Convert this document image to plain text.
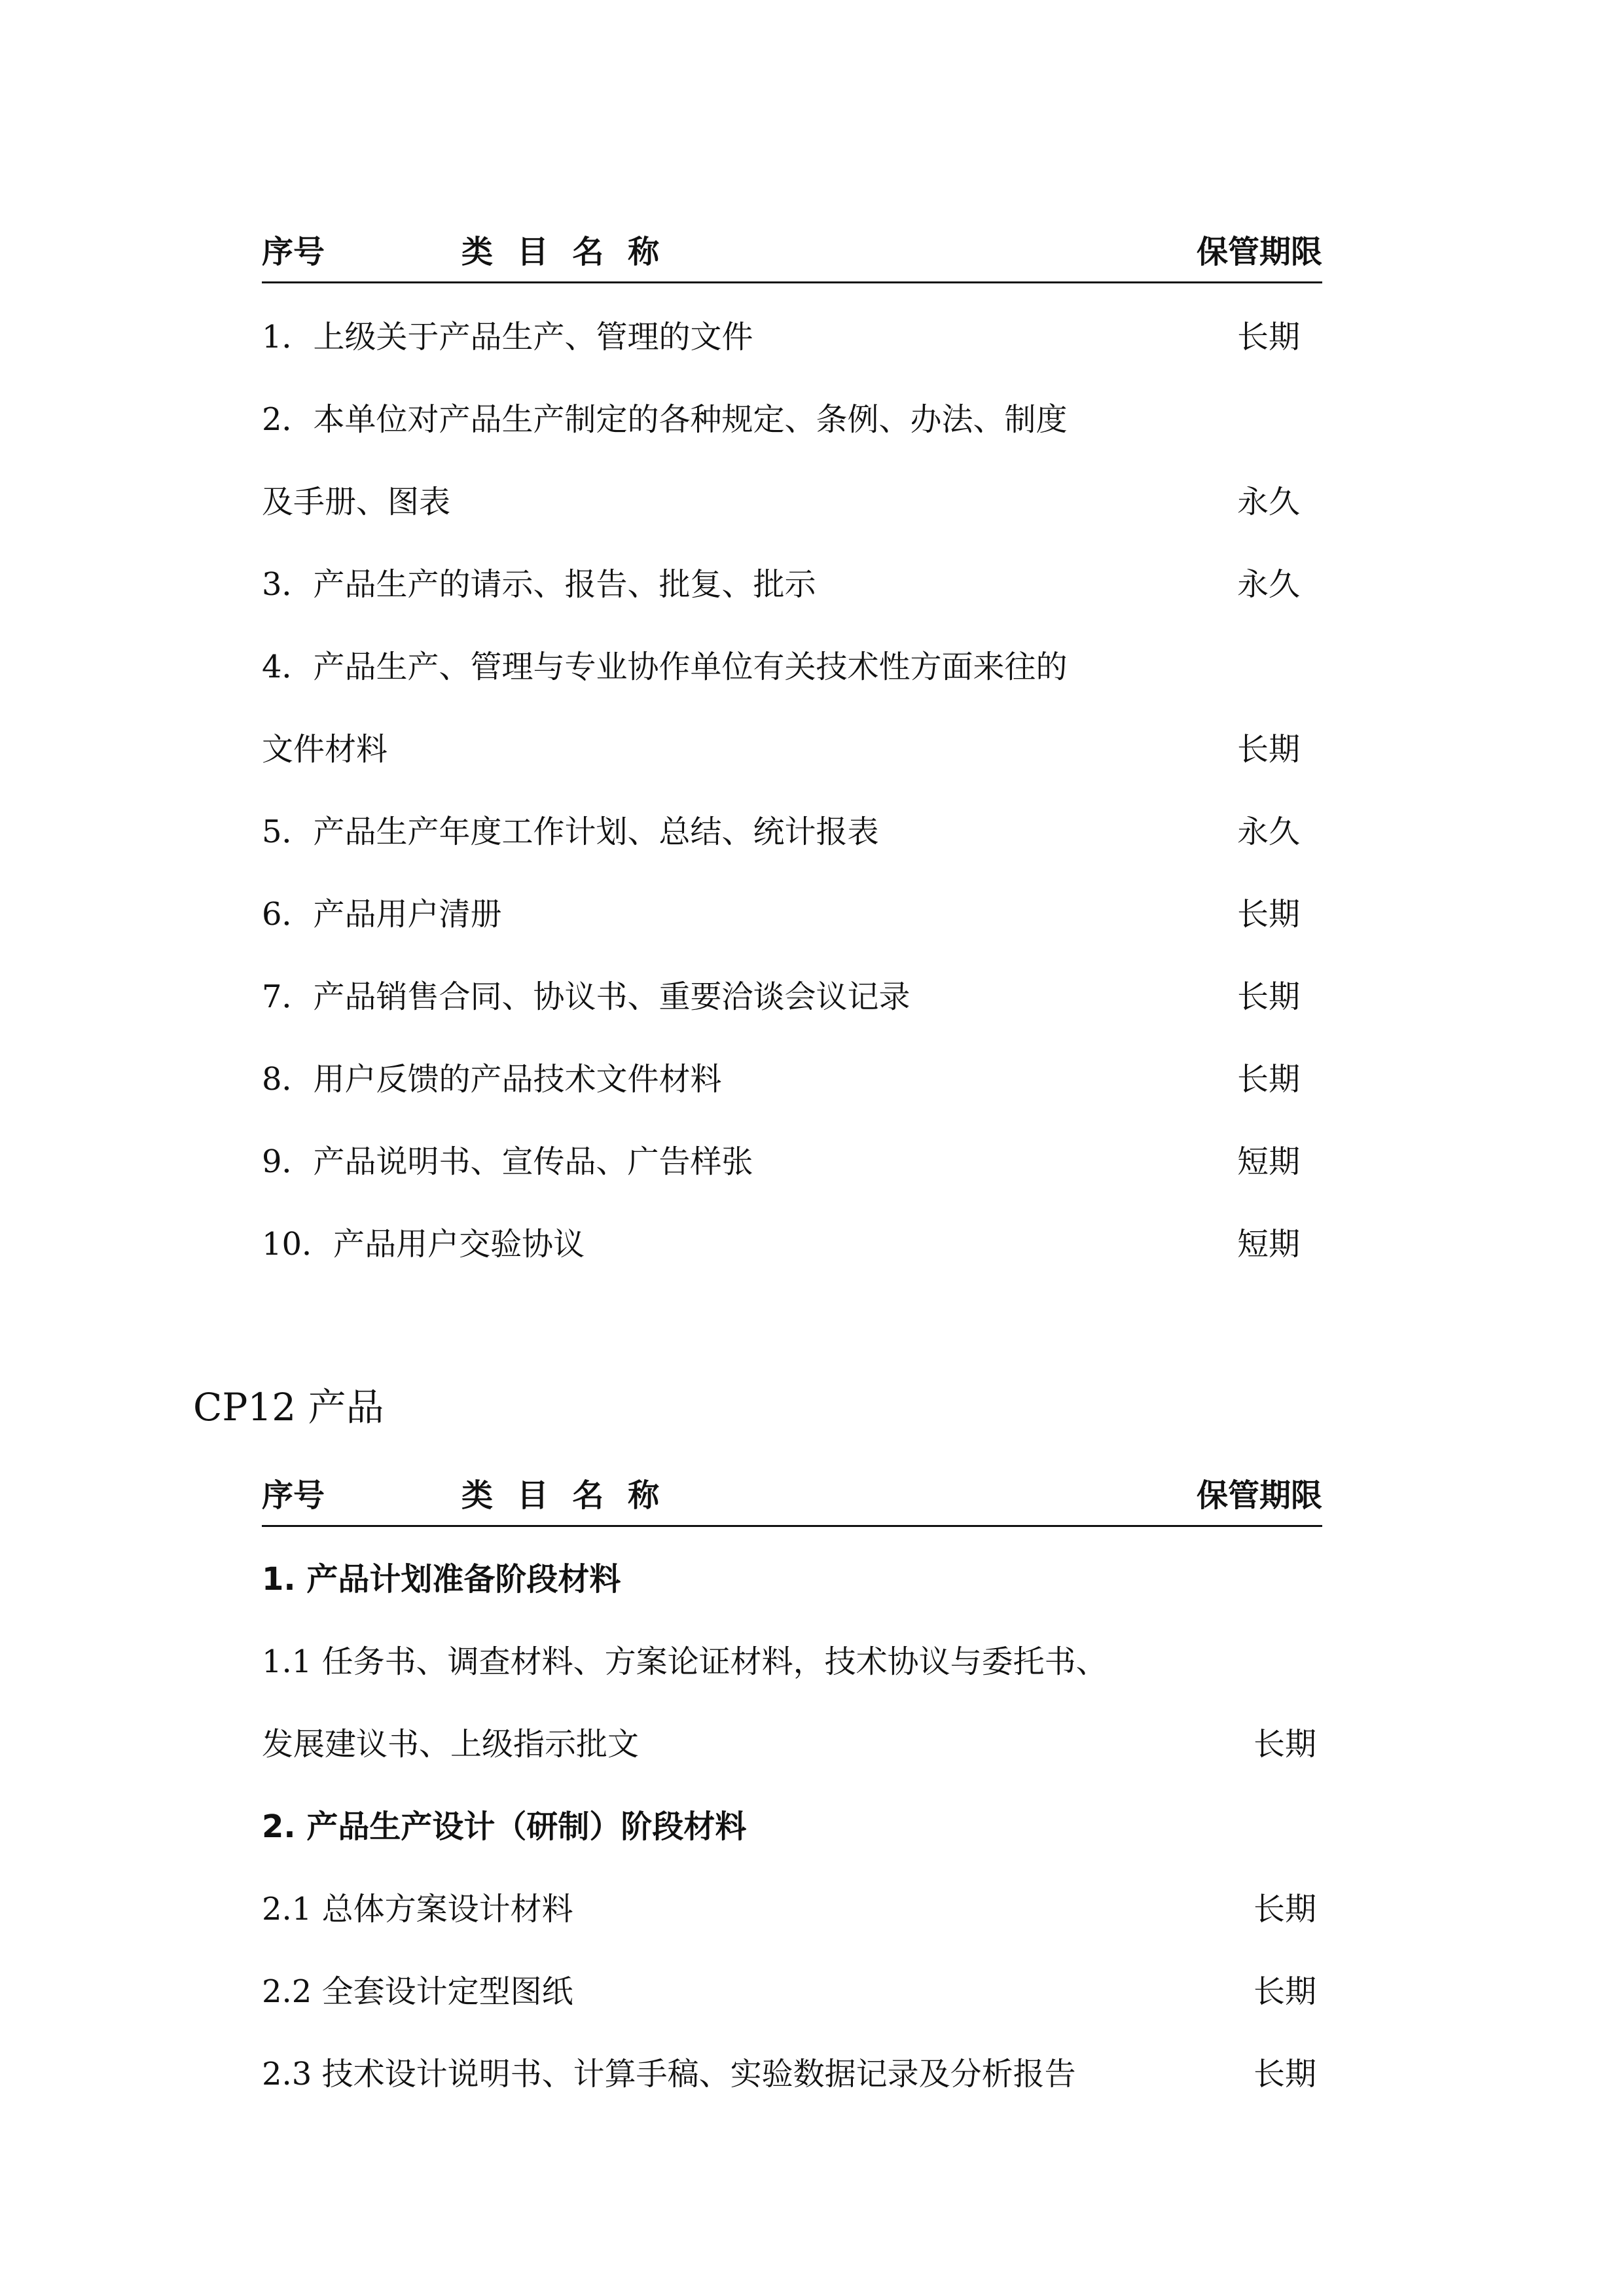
序号	类 目 名 称	保管期限
1．上级关于产品生产、管理的文件	长期
2．本单位对产品生产制定的各种规定、条例、办法、制度
及手册、图表	永久
3．产品生产的请示、报告、批复、批示	永久
4．产品生产、管理与专业协作单位有关技术性方面来往的
文件材料	长期
5．产品生产年度工作计划、总结、统计报表	永久
6．产品用户清册	长期
7．产品销售合同、协议书、重要洽谈会议记录	长期
8．用户反馈的产品技术文件材料	长期
9．产品说明书、宣传品、广告样张	短期
10．产品用户交验协议	短期
CP12 产品
序号	类 目 名 称	保管期限
1. 产品计划准备阶段材料
1.1 任务书、调查材料、方案论证材料，技术协议与委托书、
发展建议书、上级指示批文	长期
2. 产品生产设计（研制）阶段材料
2.1 总体方案设计材料	长期
2.2 全套设计定型图纸	长期
2.3 技术设计说明书、计算手稿、实验数据记录及分析报告	长期
